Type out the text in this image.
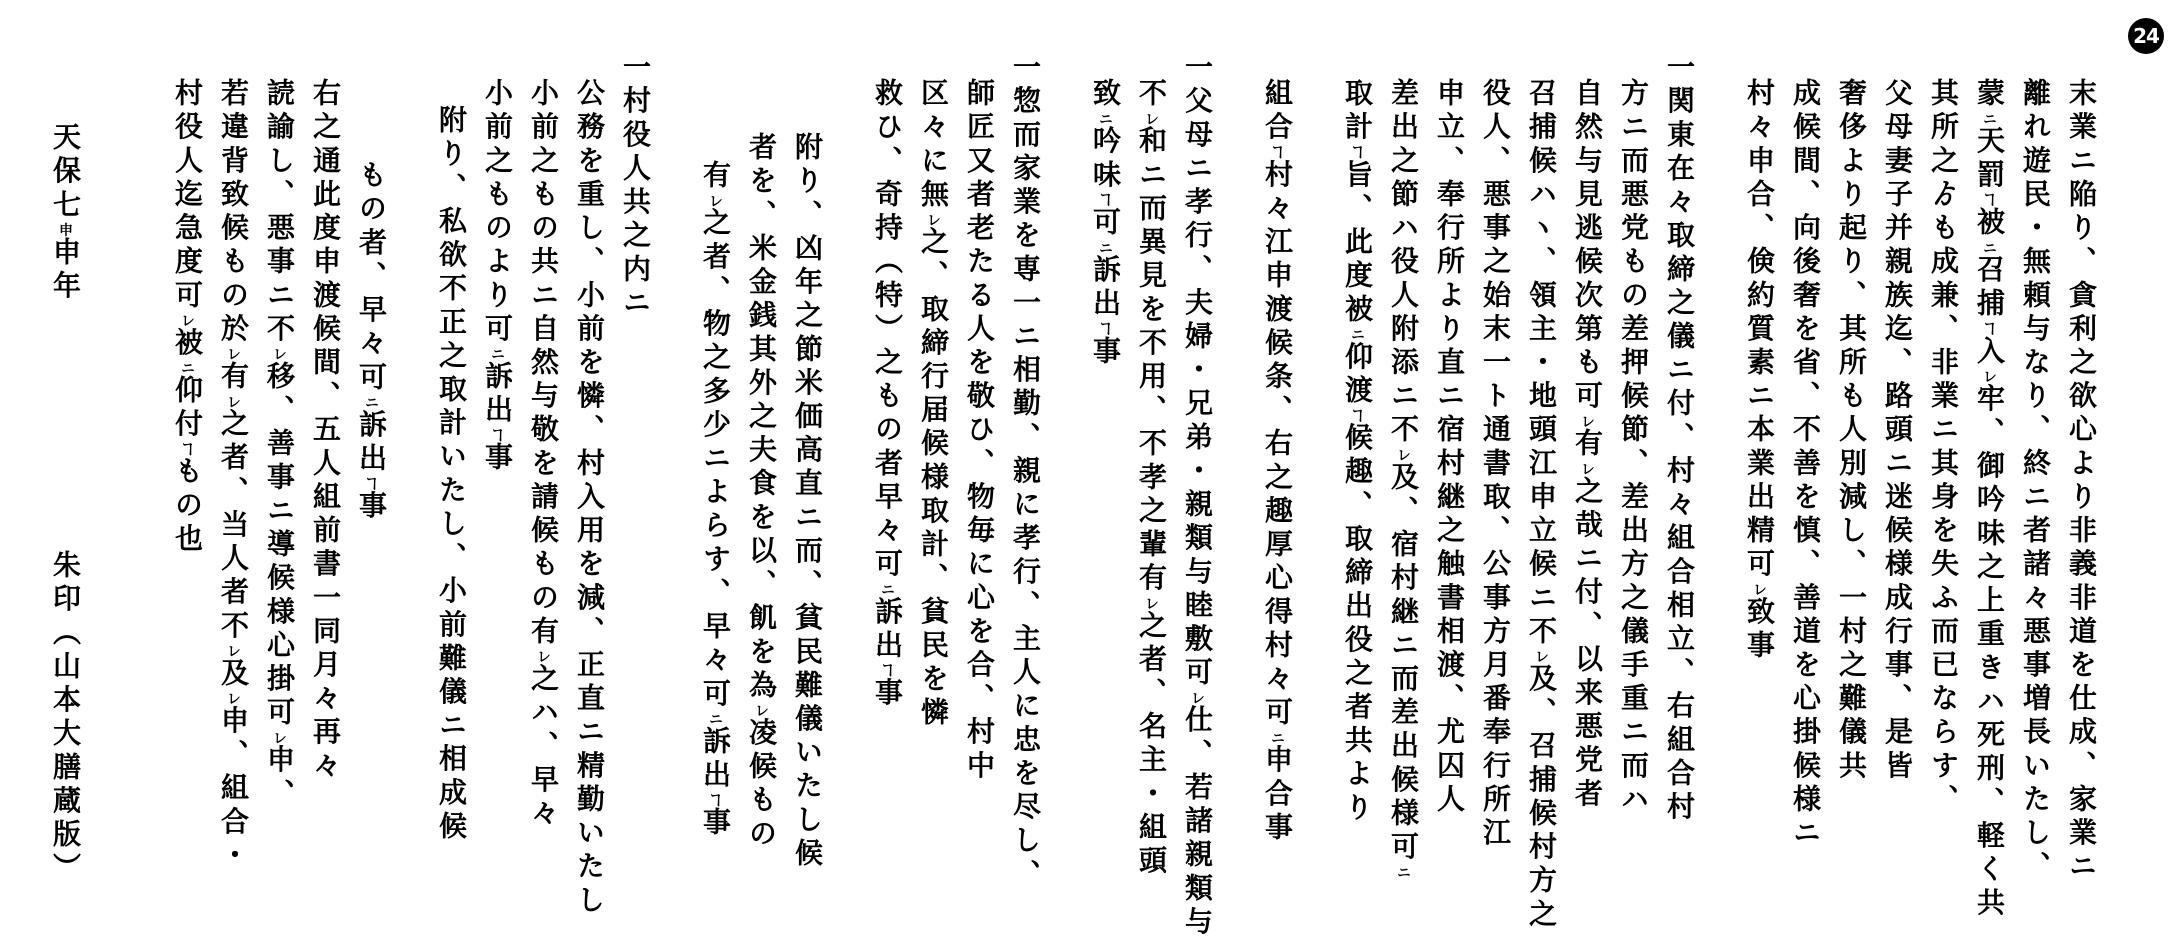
24
末業ニ陥り、貪利之欲心より非義非道を仕成、家業ニ
離れ遊民・無頼与なり、終ニ者諸々悪事増長いたし、
蒙ニ天罰ヿ被ニ召捕ヿ入レ牢、御吟味之上重きハ死刑、軽く共
其所之ゟも成兼、非業ニ其身を失ふ而已ならす、
父母妻子并親族迄、路頭ニ迷候様成行事、是皆
奢侈より起り、其所も人別減し、一村之難儀共
成候間、向後奢を省、不善を慎、善道を心掛候様ニ
村々申合、倹約質素ニ本業出精可レ致事
一関東在々取締之儀ニ付、村々組合相立、右組合村
方ニ而悪党もの差押候節、差出方之儀手重ニ而ハ
自然与見逃候次第も可レ有レ之哉ニ付、以来悪党者
召捕候ハヽ、領主・地頭江申立候ニ不レ及、召捕候村方之
役人、悪事之始末一ト通書取、公事方月番奉行所江
申立、奉行所より直ニ宿村継之触書相渡、尤囚人
差出之節ハ役人附添ニ不レ及、宿村継ニ而差出候様可ニ
取計ヿ旨、此度被ニ仰渡ヿ候趣、取締出役之者共より
組合ヿ村々江申渡候条、右之趣厚心得村々可ニ申合事
一父母ニ孝行、夫婦・兄弟・親類与睦敷可レ仕、若諸親類与
不レ和ニ而異見を不用、不孝之輩有レ之者、名主・組頭
致ニ吟味ヿ可ニ訴出ヿ事
一惣而家業を専一ニ相勤、親に孝行、主人に忠を尽し、
師匠又者老たる人を敬ひ、物毎に心を合、村中
区々に無レ之、取締行届候様取計、貧民を憐
救ひ、奇持（特）之もの者早々可ニ訴出ヿ事
附り、凶年之節米価高直ニ而、貧民難儀いたし候
者を、米金銭其外之夫食を以、飢を為レ凌候もの
有レ之者、物之多少ニよらす、早々可ニ訴出ヿ事
一村役人共之内ニ
公務を重し、小前を憐、村入用を減、正直ニ精勤いたし
小前之もの共ニ自然与敬を請候もの有レ之ハ、早々
小前之ものより可ニ訴出ヿ事
附り、私欲不正之取計いたし、小前難儀ニ相成候
もの者、早々可ニ訴出ヿ事
右之通此度申渡候間、五人組前書一同月々再々
読諭し、悪事ニ不レ移、善事ニ導候様心掛可レ申、
若違背致候もの於レ有レ之者、当人者不レ及レ申、組合・
村役人迄急度可レ被ニ仰付ヿもの也
天保七申申年
朱印（山本大膳蔵版）
